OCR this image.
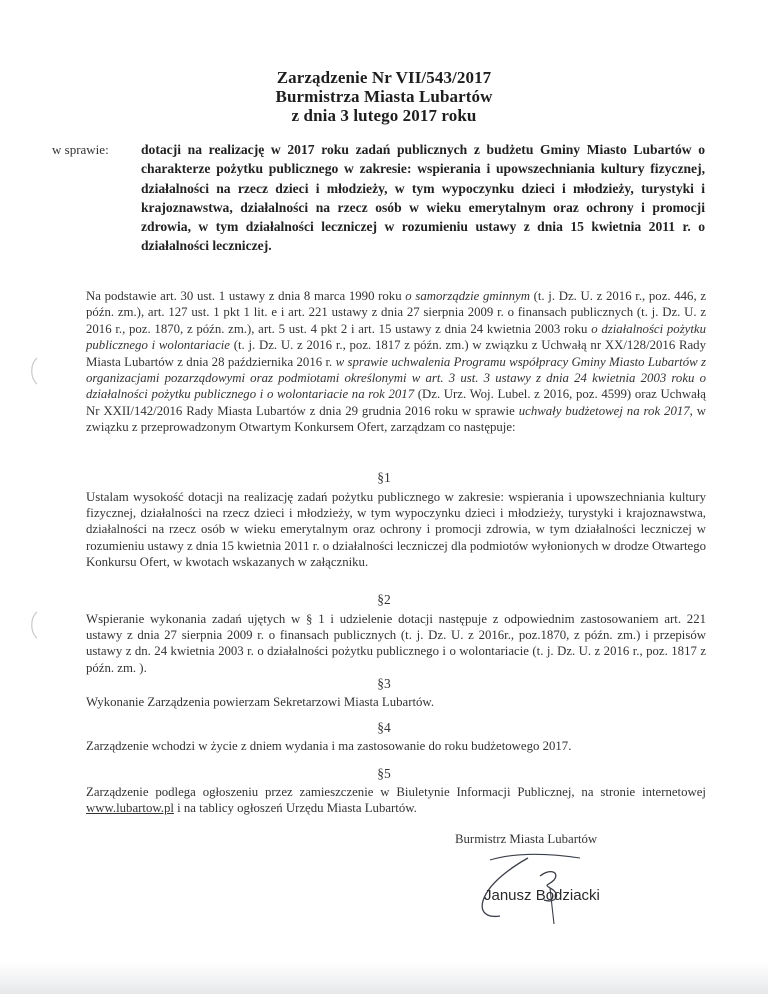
Zarządzenie Nr VII/543/2017
Burmistrza Miasta Lubartów
z dnia 3 lutego 2017 roku
w sprawie: dotacji na realizację w 2017 roku zadań publicznych z budżetu Gminy Miasto Lubartów o charakterze pożytku publicznego w zakresie: wspierania i upowszechniania kultury fizycznej, działalności na rzecz dzieci i młodzieży, w tym wypoczynku dzieci i młodzieży, turystyki i krajoznawstwa, działalności na rzecz osób w wieku emerytalnym oraz ochrony i promocji zdrowia, w tym działalności leczniczej w rozumieniu ustawy z dnia 15 kwietnia 2011 r. o działalności leczniczej.
Na podstawie art. 30 ust. 1 ustawy z dnia 8 marca 1990 roku o samorządzie gminnym (t. j. Dz. U. z 2016 r., poz. 446, z późn. zm.), art. 127 ust. 1 pkt 1 lit. e i art. 221 ustawy z dnia 27 sierpnia 2009 r. o finansach publicznych (t. j. Dz. U. z 2016 r., poz. 1870, z późn. zm.), art. 5 ust. 4 pkt 2 i art. 15 ustawy z dnia 24 kwietnia 2003 roku o działalności pożytku publicznego i wolontariacie (t. j. Dz. U. z 2016 r., poz. 1817 z późn. zm.) w związku z Uchwałą nr XX/128/2016 Rady Miasta Lubartów z dnia 28 października 2016 r. w sprawie uchwalenia Programu współpracy Gminy Miasto Lubartów z organizacjami pozarządowymi oraz podmiotami określonymi w art. 3 ust. 3 ustawy z dnia 24 kwietnia 2003 roku o działalności pożytku publicznego i o wolontariacie na rok 2017 (Dz. Urz. Woj. Lubel. z 2016, poz. 4599) oraz Uchwałą Nr XXII/142/2016 Rady Miasta Lubartów z dnia 29 grudnia 2016 roku w sprawie uchwały budżetowej na rok 2017, w związku z przeprowadzonym Otwartym Konkursem Ofert, zarządzam co następuje:
§1
Ustalam wysokość dotacji na realizację zadań pożytku publicznego w zakresie: wspierania i upowszechniania kultury fizycznej, działalności na rzecz dzieci i młodzieży, w tym wypoczynku dzieci i młodzieży, turystyki i krajoznawstwa, działalności na rzecz osób w wieku emerytalnym oraz ochrony i promocji zdrowia, w tym działalności leczniczej w rozumieniu ustawy z dnia 15 kwietnia 2011 r. o działalności leczniczej dla podmiotów wyłonionych w drodze Otwartego Konkursu Ofert, w kwotach wskazanych w załączniku.
§2
Wspieranie wykonania zadań ujętych w § 1 i udzielenie dotacji następuje z odpowiednim zastosowaniem art. 221 ustawy z dnia 27 sierpnia 2009 r. o finansach publicznych (t. j. Dz. U. z 2016r., poz.1870, z późn. zm.) i przepisów ustawy z dn. 24 kwietnia 2003 r. o działalności pożytku publicznego i o wolontariacie (t. j. Dz. U. z 2016 r., poz. 1817 z późn. zm. ).
§3
Wykonanie Zarządzenia powierzam Sekretarzowi Miasta Lubartów.
§4
Zarządzenie wchodzi w życie z dniem wydania i ma zastosowanie do roku budżetowego 2017.
§5
Zarządzenie podlega ogłoszeniu przez zamieszczenie w Biuletynie Informacji Publicznej, na stronie internetowej www.lubartow.pl i na tablicy ogłoszeń Urzędu Miasta Lubartów.
Burmistrz Miasta Lubartów
Janusz Bodziacki
